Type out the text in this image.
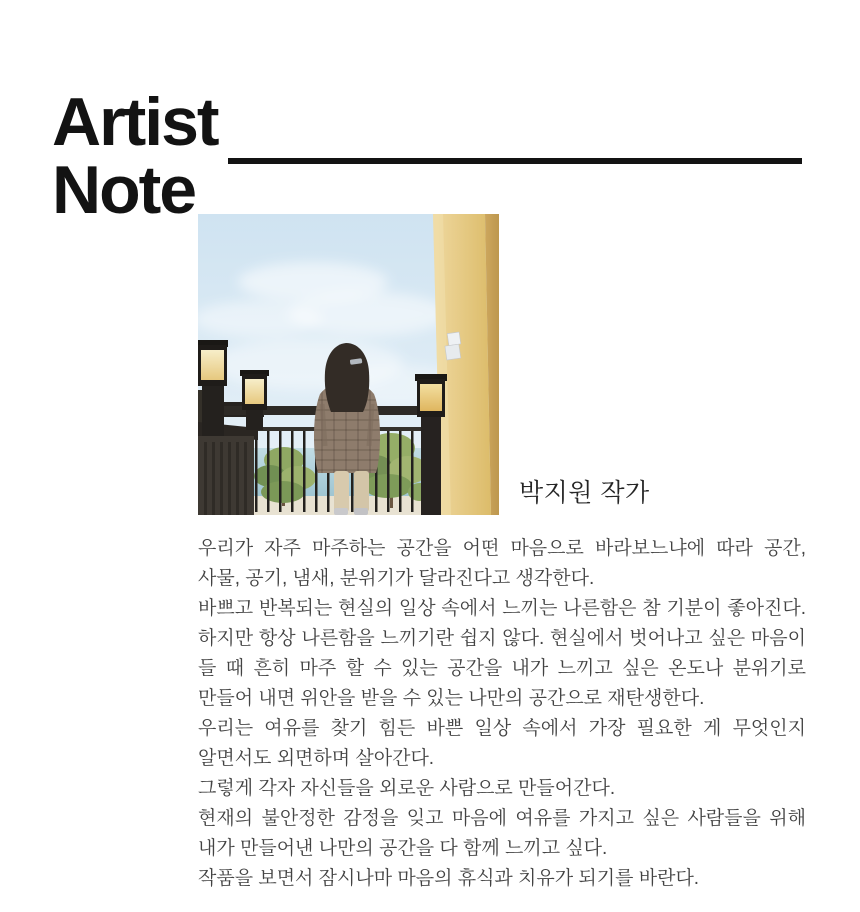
Artist
Note
박지원 작가

우리가 자주 마주하는 공간을 어떤 마음으로 바라보느냐에 따라 공간, 사물, 공기, 냄새, 분위기가 달라진다고 생각한다.

바쁘고 반복되는 현실의 일상 속에서 느끼는 나른함은 참 기분이 좋아진다. 하지만 항상 나른함을 느끼기란 쉽지 않다. 현실에서 벗어나고 싶은 마음이 들 때 흔히 마주 할 수 있는 공간을 내가 느끼고 싶은 온도나 분위기로 만들어 내면 위안을 받을 수 있는 나만의 공간으로 재탄생한다.

우리는 여유를 찾기 힘든 바쁜 일상 속에서 가장 필요한 게 무엇인지 알면서도 외면하며 살아간다.

그렇게 각자 자신들을 외로운 사람으로 만들어간다.

현재의 불안정한 감정을 잊고 마음에 여유를 가지고 싶은 사람들을 위해 내가 만들어낸 나만의 공간을 다 함께 느끼고 싶다.

작품을 보면서 잠시나마 마음의 휴식과 치유가 되기를 바란다.
